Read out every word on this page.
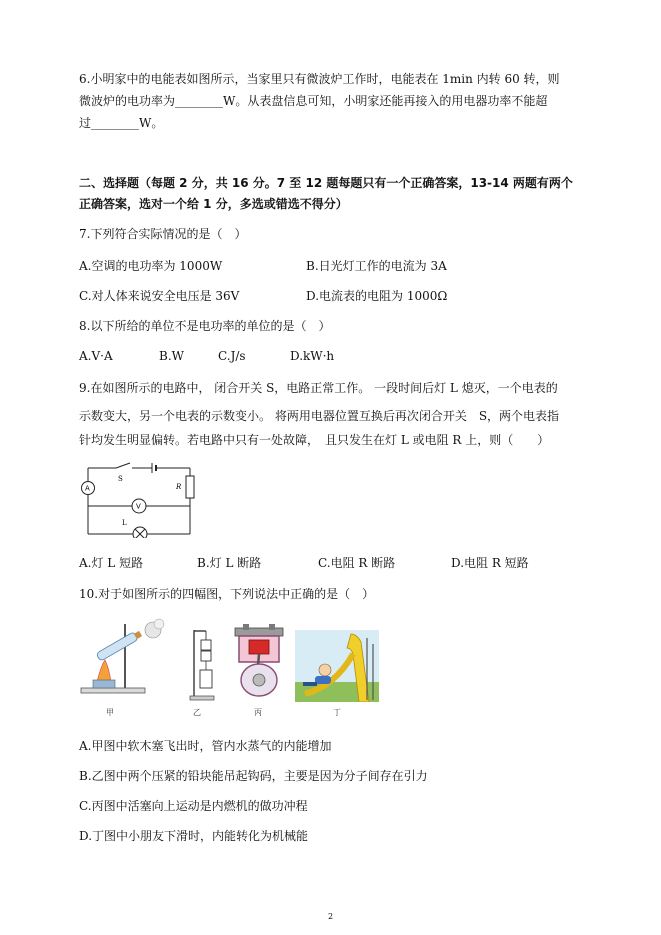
6.小明家中的电能表如图所示，当家里只有微波炉工作时，电能表在 1min 内转 60 转，则
微波炉的电功率为________W。从表盘信息可知，小明家还能再接入的用电器功率不能超
过________W。
二、选择题（每题 2 分，共 16 分。7 至 12 题每题只有一个正确答案，13-14 两题有两个
正确答案，选对一个给 1 分，多选或错选不得分）
7.下列符合实际情况的是（　）
A.空调的电功率为 1000W	B.日光灯工作的电流为 3A
C.对人体来说安全电压是 36V	D.电流表的电阻为 1000Ω
8.以下所给的单位不是电功率的单位的是（　）
A.V·A	B.W	C.J/s	D.kW·h
9.在如图所示的电路中， 闭合开关 S，电路正常工作。 一段时间后灯 L 熄灭，一个电表的
示数变大，另一个电表的示数变小。 将两用电器位置互换后再次闭合开关　S，两个电表指
针均发生明显偏转。若电路中只有一处故障，　且只发生在灯 L 或电阻 R 上，则（　　）
S
R
A
V
L
A.灯 L 短路	B.灯 L 断路	C.电阻 R 断路	D.电阻 R 短路
10.对于如图所示的四幅图，下列说法中正确的是（　）
甲	乙	丙	丁
A.甲图中软木塞飞出时，管内水蒸气的内能增加
B.乙图中两个压紧的铅块能吊起钩码，主要是因为分子间存在引力
C.丙图中活塞向上运动是内燃机的做功冲程
D.丁图中小朋友下滑时，内能转化为机械能
2
